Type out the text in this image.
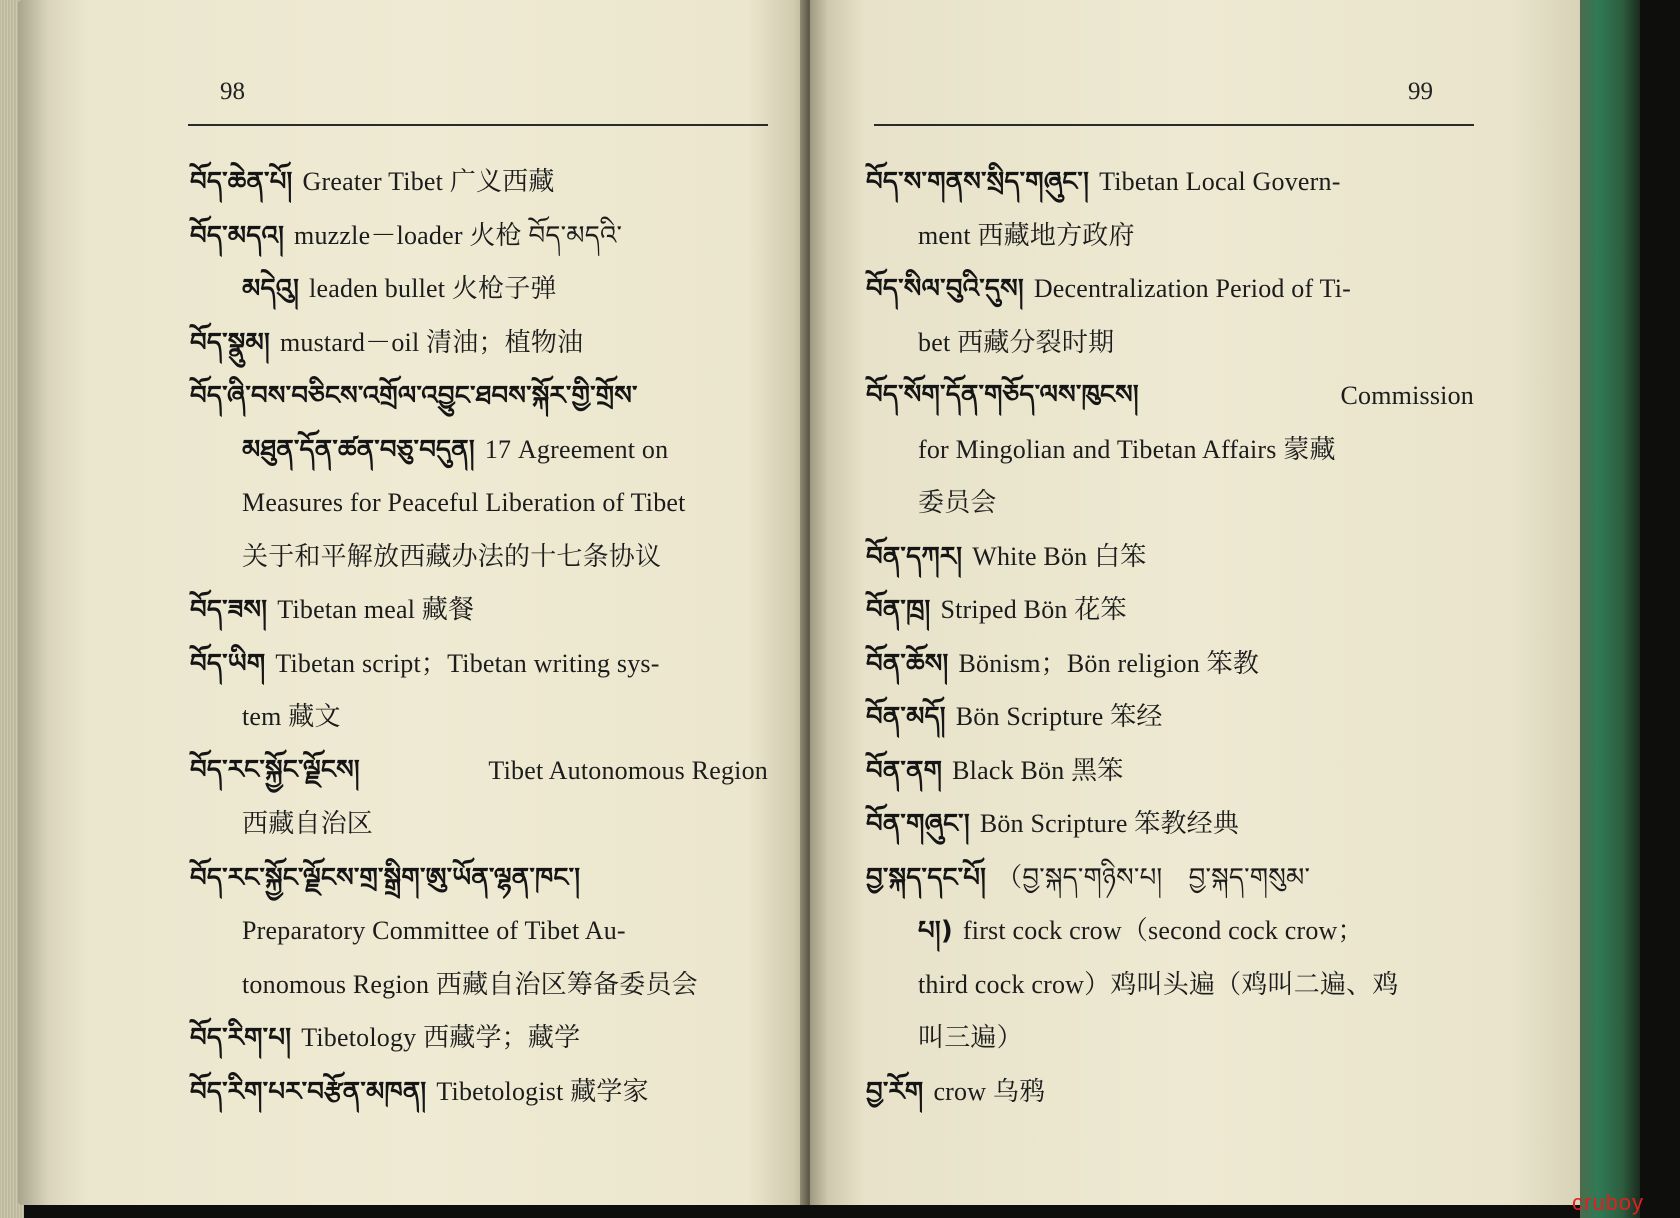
98
བོད་ཆེན་པོ། Greater Tibet 广义西藏
བོད་མདའ། muzzle－loader 火枪 བོད་མདའི་
མདེའུ། leaden bullet 火枪子弹
བོད་སྣུམ། mustard－oil 清油；植物油
བོད་ཞི་བས་བཅིངས་འགྲོལ་འབྱུང་ཐབས་སྐོར་གྱི་གྲོས་
མཐུན་དོན་ཚན་བཅུ་བདུན། 17 Agreement on
Measures for Peaceful Liberation of Tibet
关于和平解放西藏办法的十七条协议
བོད་ཟས། Tibetan meal 藏餐
བོད་ཡིག Tibetan script；Tibetan writing sys-
tem 藏文
བོད་རང་སྐྱོང་ལྗོངས།	Tibet Autonomous Region
西藏自治区
བོད་རང་སྐྱོང་ལྗོངས་གྲ་སྒྲིག་ཨུ་ཡོན་ལྷན་ཁང་།
Preparatory Committee of Tibet Au-
tonomous Region 西藏自治区筹备委员会
བོད་རིག་པ། Tibetology 西藏学；藏学
བོད་རིག་པར་བརྩོན་མཁན། Tibetologist 藏学家
99
བོད་ས་གནས་སྲིད་གཞུང་། Tibetan Local Govern-
ment 西藏地方政府
བོད་སིལ་བུའི་དུས། Decentralization Period of Ti-
bet 西藏分裂时期
བོད་སོག་དོན་གཅོད་ལས་ཁུངས།	Commission
for Mingolian and Tibetan Affairs 蒙藏
委员会
བོན་དཀར། White Bön 白笨
བོན་ཁྲ། Striped Bön 花笨
བོན་ཆོས། Bönism；Bön religion 笨教
བོན་མདོ། Bön Scripture 笨经
བོན་ནག Black Bön 黑笨
བོན་གཞུང་། Bön Scripture 笨教经典
བྱ་སྐད་དང་པོ། （བྱ་སྐད་གཉིས་པ།　བྱ་སྐད་གསུམ་
པ།) first cock crow（second cock crow；
third cock crow）鸡叫头遍（鸡叫二遍、鸡
叫三遍）
བྱ་རོག crow 乌鸦
cruboy
